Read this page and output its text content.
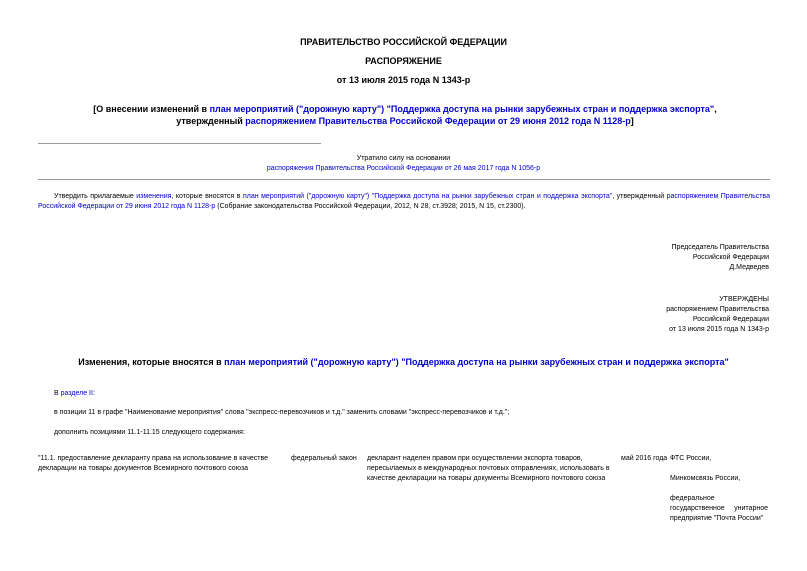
ПРАВИТЕЛЬСТВО РОССИЙСКОЙ ФЕДЕРАЦИИ
РАСПОРЯЖЕНИЕ
от 13 июля 2015 года N 1343-р
[О внесении изменений в план мероприятий ("дорожную карту") "Поддержка доступа на рынки зарубежных стран и поддержка экспорта", утвержденный распоряжением Правительства Российской Федерации от 29 июня 2012 года N 1128-р]
Утратило силу на основании
распоряжения Правительства Российской Федерации от 26 мая 2017 года N 1056-р
Утвердить прилагаемые изменения, которые вносятся в план мероприятий ("дорожную карту") "Поддержка доступа на рынки зарубежных стран и поддержка экспорта", утвержденный распоряжением Правительства Российской Федерации от 29 июня 2012 года N 1128-р (Собрание законодательства Российской Федерации, 2012, N 28, ст.3928; 2015, N 15, ст.2300).
Председатель Правительства
Российской Федерации
Д.Медведев
УТВЕРЖДЕНЫ
распоряжением Правительства
Российской Федерации
от 13 июля 2015 года N 1343-р
Изменения, которые вносятся в план мероприятий ("дорожную карту") "Поддержка доступа на рынки зарубежных стран и поддержка экспорта"
В разделе II:
в позиции 11 в графе "Наименование мероприятия" слова "экспресс-перевозчиков и т.д." заменить словами "экспресс-перевозчиков и т.д.";
дополнить позициями 11.1-11.15 следующего содержания:
"11.1. предоставление декларанту права на использование в качестве декларации на товары документов Всемирного почтового союза
федеральный закон	декларант наделен правом при осуществлении экспорта товаров, пересылаемых в международных почтовых отправлениях, использовать в качестве декларации на товары документы Всемирного почтового союза
май 2016 года ФТС России,
Минкомсвязь России,
федеральное государственное унитарное предприятие "Почта России"
